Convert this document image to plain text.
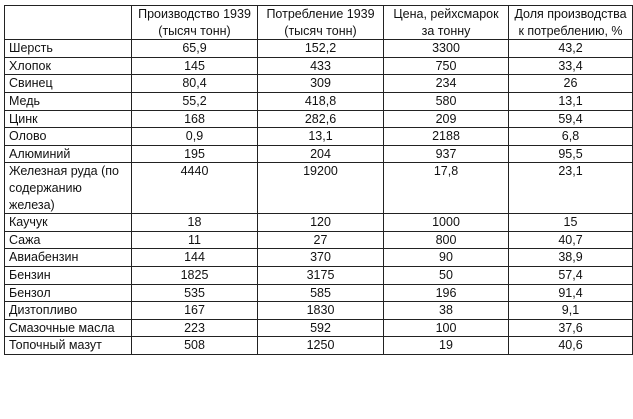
	Производство 1939 (тысяч тонн)	Потребление 1939 (тысяч тонн)	Цена, рейхсмарок за тонну	Доля производства к потреблению, %
Шерсть	65,9	152,2	3300	43,2
Хлопок	145	433	750	33,4
Свинец	80,4	309	234	26
Медь	55,2	418,8	580	13,1
Цинк	168	282,6	209	59,4
Олово	0,9	13,1	2188	6,8
Алюминий	195	204	937	95,5
Железная руда (по содержанию железа)	4440	19200	17,8	23,1
Каучук	18	120	1000	15
Сажа	11	27	800	40,7
Авиабензин	144	370	90	38,9
Бензин	1825	3175	50	57,4
Бензол	535	585	196	91,4
Дизтопливо	167	1830	38	9,1
Смазочные масла	223	592	100	37,6
Топочный мазут	508	1250	19	40,6
